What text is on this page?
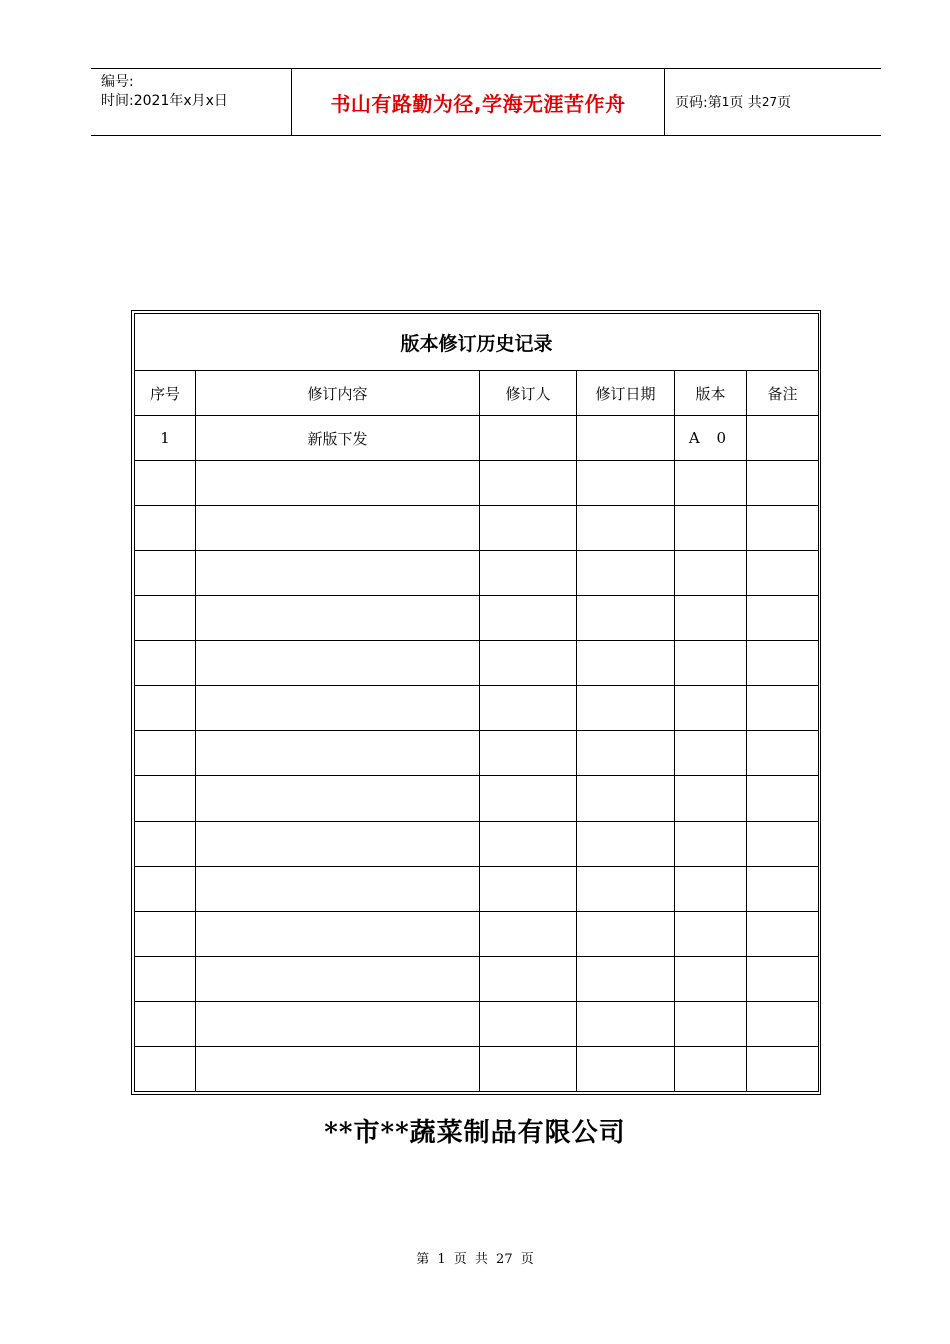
编号:
时间:2021年x月x日	书山有路勤为径,学海无涯苦作舟	页码:第 1 页 共 27 页
版本修订历史记录					
序号	修订内容	修订人	修订日期	版本	备注
1	新版下发			A 0	

**市**蔬菜制品有限公司
第 1 页 共 27 页
